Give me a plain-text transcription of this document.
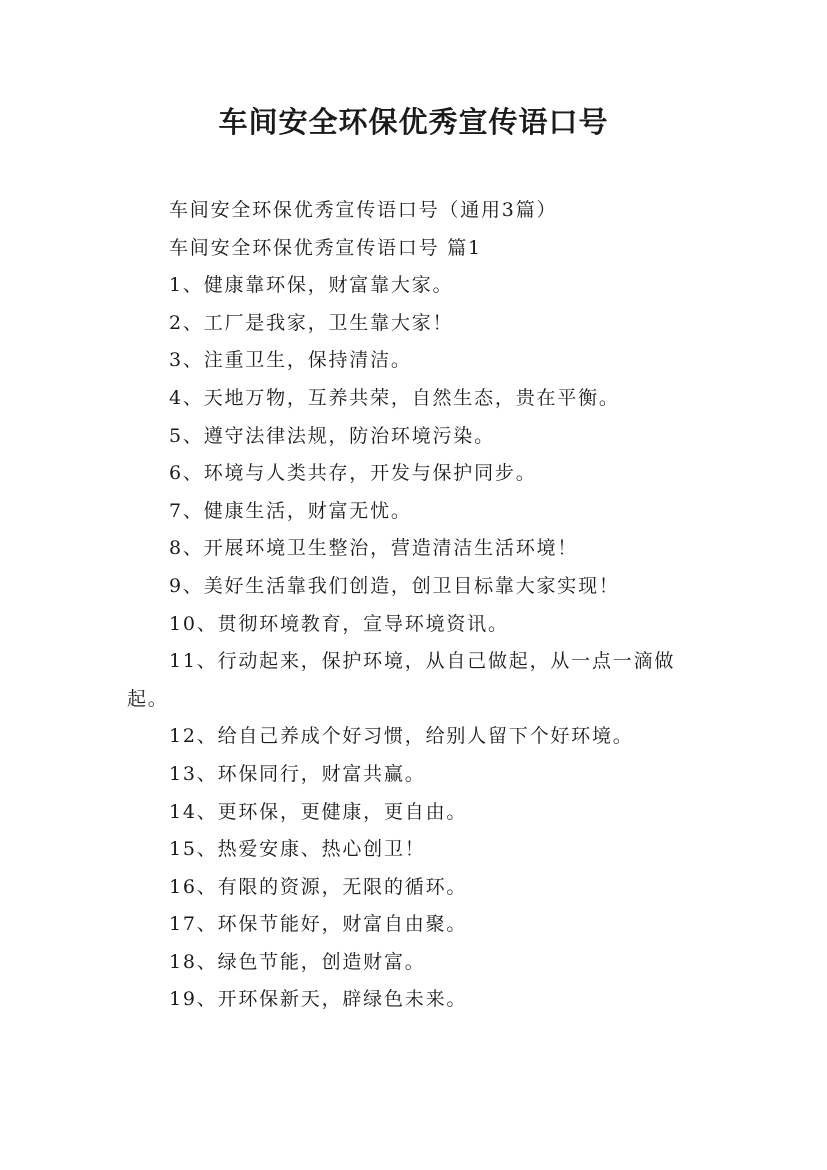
车间安全环保优秀宣传语口号

车间安全环保优秀宣传语口号（通用3篇）

车间安全环保优秀宣传语口号 篇1

1、健康靠环保，财富靠大家。

2、工厂是我家，卫生靠大家！

3、注重卫生，保持清洁。

4、天地万物，互养共荣，自然生态，贵在平衡。

5、遵守法律法规，防治环境污染。

6、环境与人类共存，开发与保护同步。

7、健康生活，财富无忧。

8、开展环境卫生整治，营造清洁生活环境！

9、美好生活靠我们创造，创卫目标靠大家实现！

10、贯彻环境教育，宣导环境资讯。

11、行动起来，保护环境，从自己做起，从一点一滴做起。

12、给自己养成个好习惯，给别人留下个好环境。

13、环保同行，财富共赢。

14、更环保，更健康，更自由。

15、热爱安康、热心创卫！

16、有限的资源，无限的循环。

17、环保节能好，财富自由聚。

18、绿色节能，创造财富。

19、开环保新天，辟绿色未来。
